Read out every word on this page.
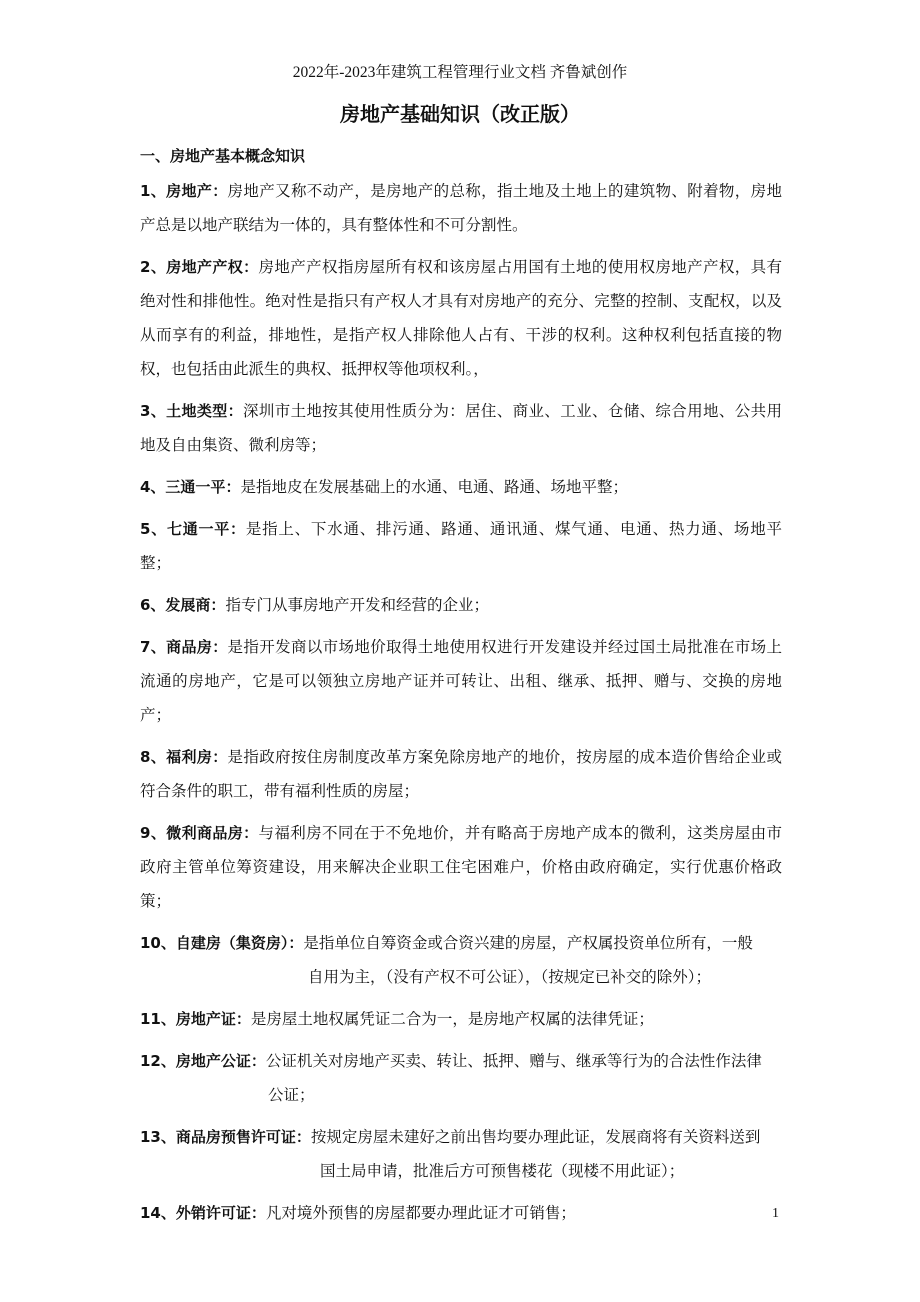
2022年-2023年建筑工程管理行业文档 齐鲁斌创作
房地产基础知识（改正版）
一、房地产基本概念知识
1、房地产：房地产又称不动产，是房地产的总称，指土地及土地上的建筑物、附着物，房地产总是以地产联结为一体的，具有整体性和不可分割性。
2、房地产产权：房地产产权指房屋所有权和该房屋占用国有土地的使用权房地产产权，具有绝对性和排他性。绝对性是指只有产权人才具有对房地产的充分、完整的控制、支配权，以及从而享有的利益，排地性，是指产权人排除他人占有、干涉的权利。这种权利包括直接的物权，也包括由此派生的典权、抵押权等他项权利。，
3、土地类型：深圳市土地按其使用性质分为：居住、商业、工业、仓储、综合用地、公共用地及自由集资、微利房等；
4、三通一平：是指地皮在发展基础上的水通、电通、路通、场地平整；
5、七通一平：是指上、下水通、排污通、路通、通讯通、煤气通、电通、热力通、场地平整；
6、发展商：指专门从事房地产开发和经营的企业；
7、商品房：是指开发商以市场地价取得土地使用权进行开发建设并经过国土局批准在市场上流通的房地产，它是可以领独立房地产证并可转让、出租、继承、抵押、赠与、交换的房地产；
8、福利房：是指政府按住房制度改革方案免除房地产的地价，按房屋的成本造价售给企业或符合条件的职工，带有福利性质的房屋；
9、微利商品房：与福利房不同在于不免地价，并有略高于房地产成本的微利，这类房屋由市政府主管单位筹资建设，用来解决企业职工住宅困难户，价格由政府确定，实行优惠价格政策；
10、自建房（集资房）： 是指单位自筹资金或合资兴建的房屋，产权属投资单位所有，一般
自用为主，（没有产权不可公证），（按规定已补交的除外）；
11、房地产证： 是房屋土地权属凭证二合为一，是房地产权属的法律凭证；
12、房地产公证： 公证机关对房地产买卖、转让、抵押、赠与、继承等行为的合法性作法律
公证；
13、商品房预售许可证： 按规定房屋未建好之前出售均要办理此证，发展商将有关资料送到
国土局申请，批准后方可预售楼花（现楼不用此证）；
14、外销许可证： 凡对境外预售的房屋都要办理此证才可销售；	1
